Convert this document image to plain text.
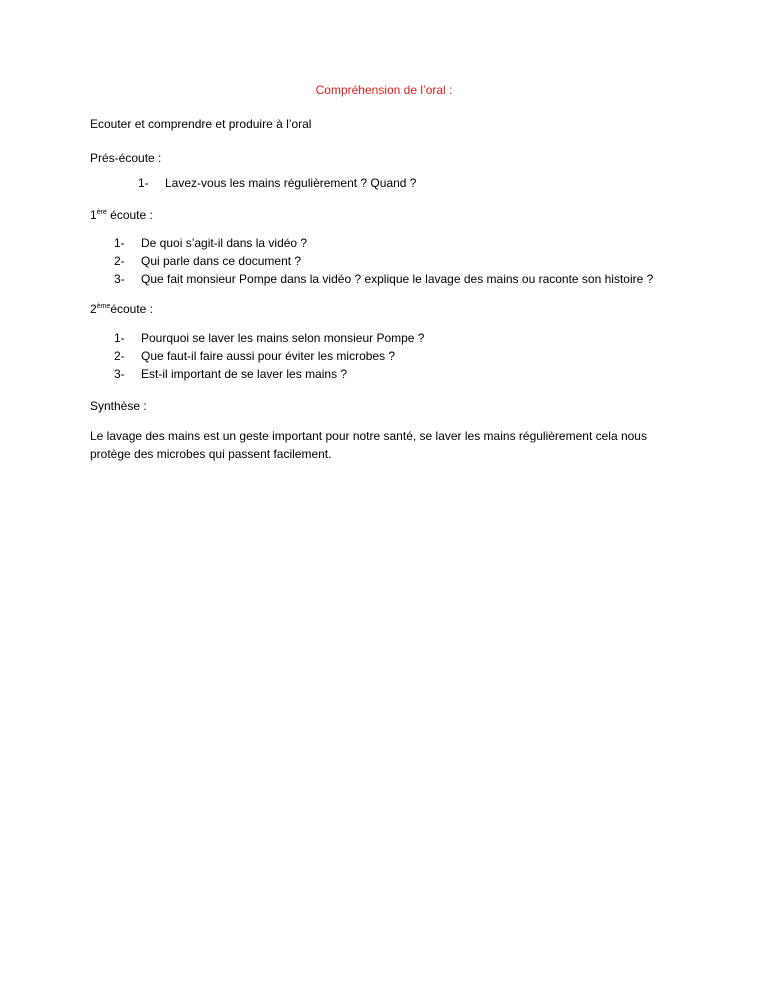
Compréhension de l’oral :
Ecouter et comprendre et produire à l’oral
Prés-écoute :
1- Lavez-vous les mains régulièrement ? Quand ?
1ère écoute :
1- De quoi s’agit-il dans la vidéo ?
2- Qui parle dans ce document ?
3- Que fait monsieur Pompe dans la vidéo ? explique le lavage des mains ou raconte son histoire ?
2èmeécoute :
1- Pourquoi se laver les mains selon monsieur Pompe ?
2- Que faut-il faire aussi pour éviter les microbes ?
3- Est-il important de se laver les mains ?
Synthèse :
Le lavage des mains est un geste important pour notre santé, se laver les mains régulièrement cela nous protège des microbes qui passent facilement.
